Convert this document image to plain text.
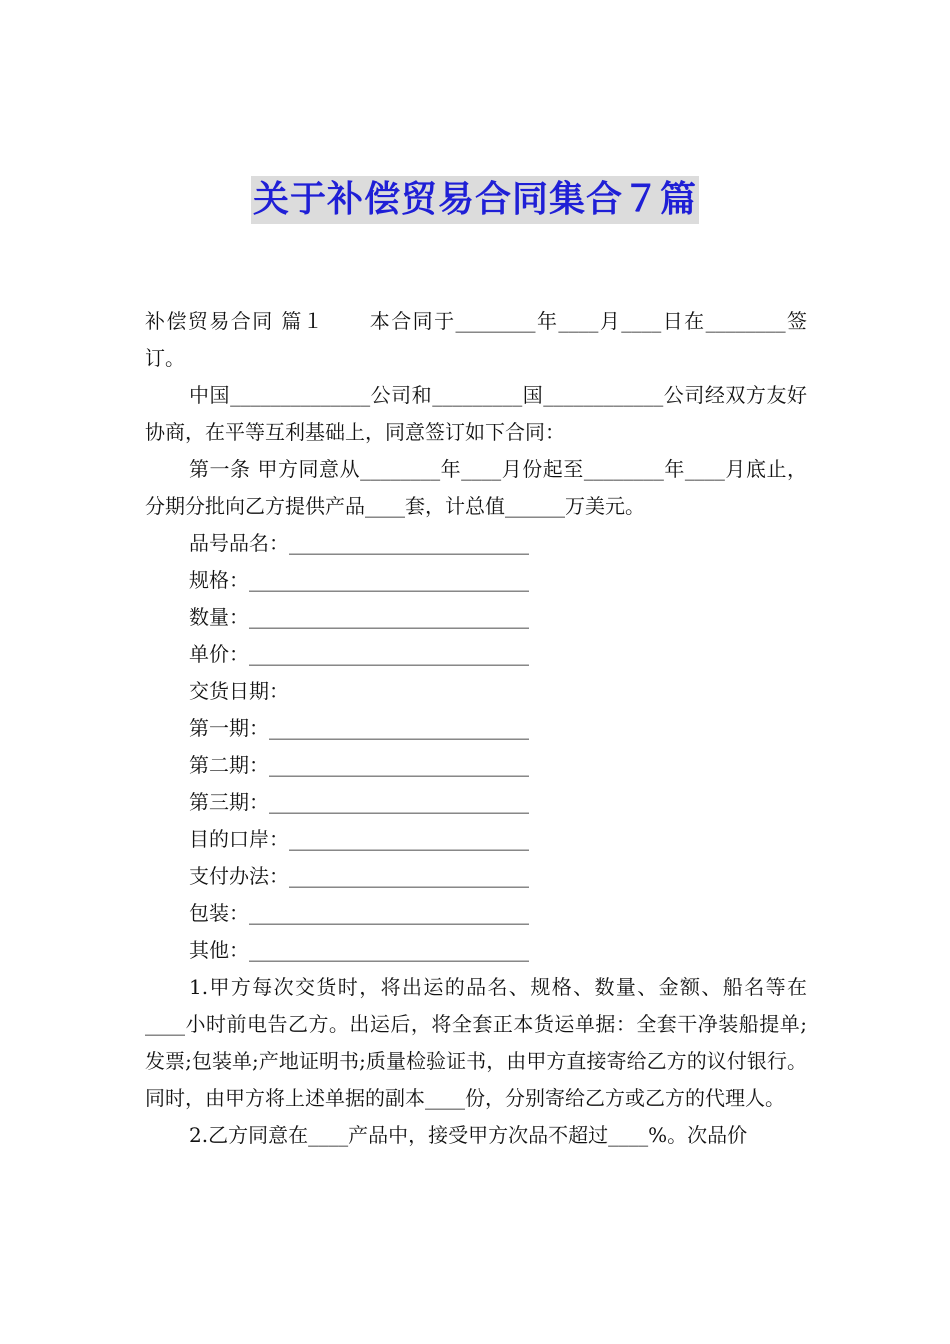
关于补偿贸易合同集合７篇

补偿贸易合同 篇１ 本合同于________年____月____日在________签订。

中国______________公司和_________国____________公司经双方友好协商，在平等互利基础上，同意签订如下合同：

第一条 甲方同意从________年____月份起至________年____月底止，分期分批向乙方提供产品____套，计总值______万美元。

品号品名：________________________

规格：____________________________

数量：____________________________

单价：____________________________

交货日期：

第一期：__________________________

第二期：__________________________

第三期：__________________________

目的口岸：________________________

支付办法：________________________

包装：____________________________

其他：____________________________

1.甲方每次交货时，将出运的品名、规格、数量、金额、船名等在____小时前电告乙方。出运后，将全套正本货运单据：全套干净装船提单;发票;包装单;产地证明书;质量检验证书，由甲方直接寄给乙方的议付银行。同时，由甲方将上述单据的副本____份，分别寄给乙方或乙方的代理人。

2.乙方同意在____产品中，接受甲方次品不超过____%。次品价
